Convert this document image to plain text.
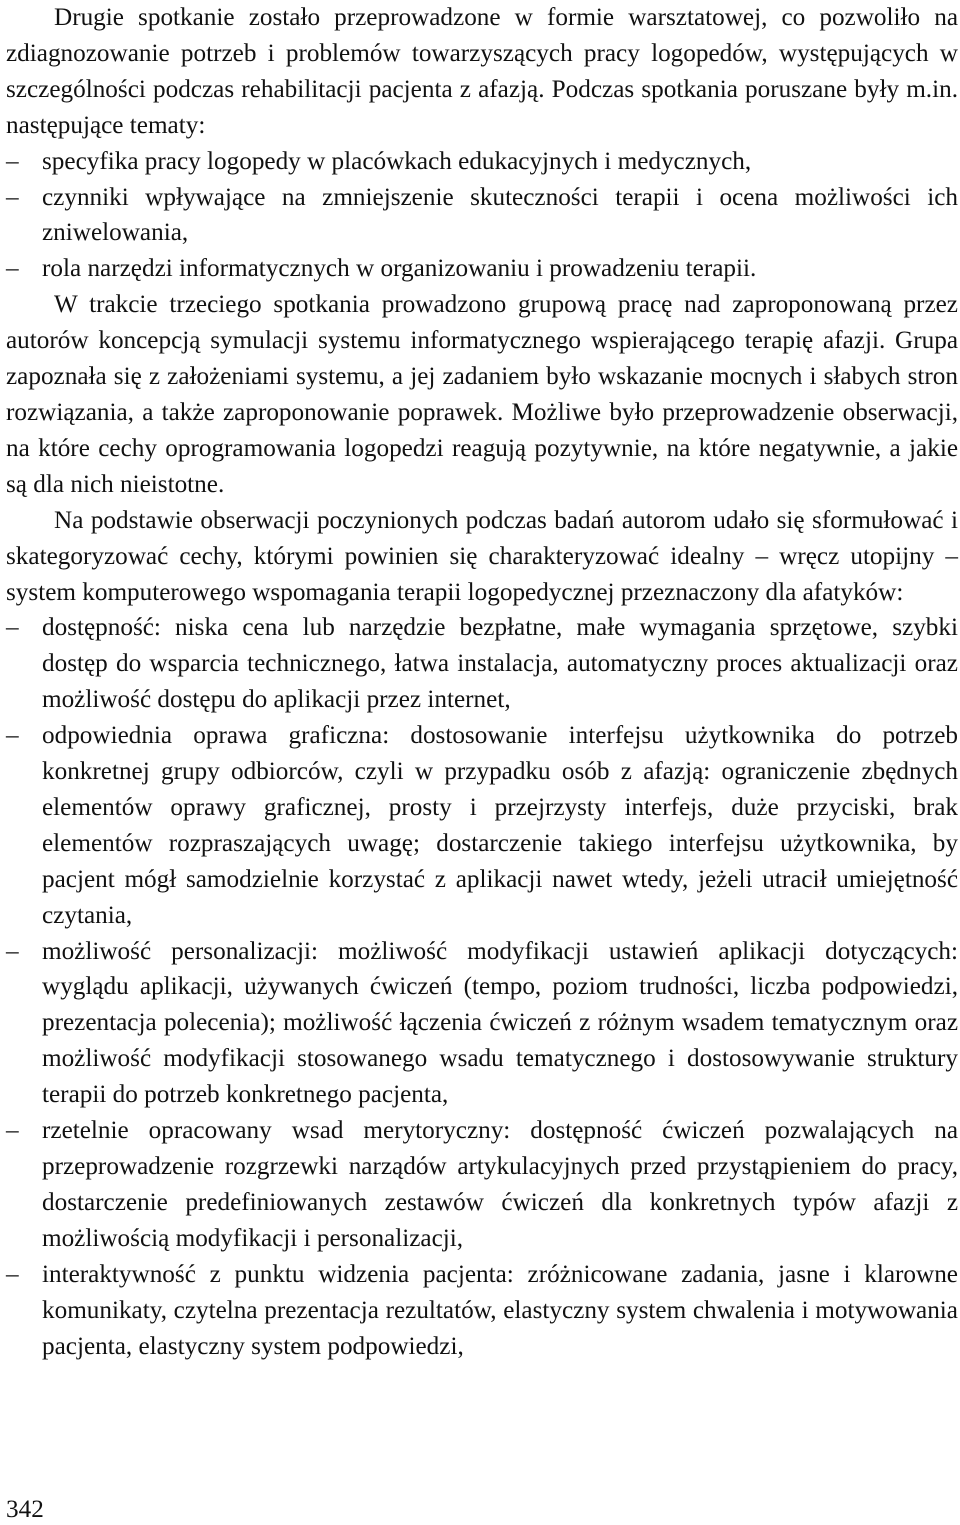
Drugie spotkanie zostało przeprowadzone w formie warsztatowej, co pozwoliło na zdiagnozowanie potrzeb i problemów towarzyszących pracy logopedów, występujących w szczególności podczas rehabilitacji pacjenta z afazją. Podczas spotkania poruszane były m.in. następujące tematy:

– specyfika pracy logopedy w placówkach edukacyjnych i medycznych,
– czynniki wpływające na zmniejszenie skuteczności terapii i ocena możliwości ich zniwelowania,
– rola narzędzi informatycznych w organizowaniu i prowadzeniu terapii.

W trakcie trzeciego spotkania prowadzono grupową pracę nad zaproponowaną przez autorów koncepcją symulacji systemu informatycznego wspierającego terapię afazji. Grupa zapoznała się z założeniami systemu, a jej zadaniem było wskazanie mocnych i słabych stron rozwiązania, a także zaproponowanie poprawek. Możliwe było przeprowadzenie obserwacji, na które cechy oprogramowania logopedzi reagują pozytywnie, na które negatywnie, a jakie są dla nich nieistotne.

Na podstawie obserwacji poczynionych podczas badań autorom udało się sformułować i skategoryzować cechy, którymi powinien się charakteryzować idealny – wręcz utopijny – system komputerowego wspomagania terapii logopedycznej przeznaczony dla afatyków:

– dostępność: niska cena lub narzędzie bezpłatne, małe wymagania sprzętowe, szybki dostęp do wsparcia technicznego, łatwa instalacja, automatyczny proces aktualizacji oraz możliwość dostępu do aplikacji przez internet,
– odpowiednia oprawa graficzna: dostosowanie interfejsu użytkownika do potrzeb konkretnej grupy odbiorców, czyli w przypadku osób z afazją: ograniczenie zbędnych elementów oprawy graficznej, prosty i przejrzysty interfejs, duże przyciski, brak elementów rozpraszających uwagę; dostarczenie takiego interfejsu użytkownika, by pacjent mógł samodzielnie korzystać z aplikacji nawet wtedy, jeżeli utracił umiejętność czytania,
– możliwość personalizacji: możliwość modyfikacji ustawień aplikacji dotyczących: wyglądu aplikacji, używanych ćwiczeń (tempo, poziom trudności, liczba podpowiedzi, prezentacja polecenia); możliwość łączenia ćwiczeń z różnym wsadem tematycznym oraz możliwość modyfikacji stosowanego wsadu tematycznego i dostosowywanie struktury terapii do potrzeb konkretnego pacjenta,
– rzetelnie opracowany wsad merytoryczny: dostępność ćwiczeń pozwalających na przeprowadzenie rozgrzewki narządów artykulacyjnych przed przystąpieniem do pracy, dostarczenie predefiniowanych zestawów ćwiczeń dla konkretnych typów afazji z możliwością modyfikacji i personalizacji,
– interaktywność z punktu widzenia pacjenta: zróżnicowane zadania, jasne i klarowne komunikaty, czytelna prezentacja rezultatów, elastyczny system chwalenia i motywowania pacjenta, elastyczny system podpowiedzi,
342
